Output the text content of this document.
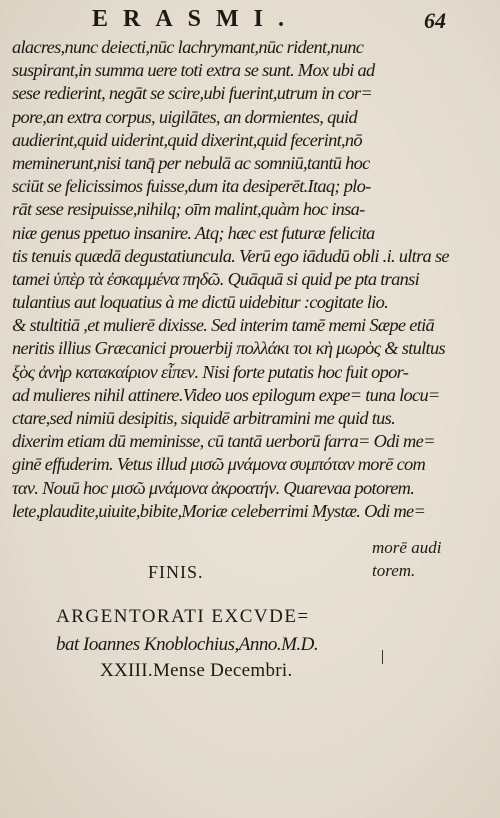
ERASMI.	64
alacres,nunc deiecti,nūc lachrymant,nūc rident,nunc
suspirant,in summa uere toti extra se sunt. Mox ubi ad
sese redierint, negāt se scire,ubi fuerint,utrum in cor=
pore,an extra corpus, uigilātes, an dormientes, quid
audierint,quid uiderint,quid dixerint,quid fecerint,nō
meminerunt,nisi tanq̄ per nebulā ac somniū,tantū hoc
sciūt se felicissimos fuisse,dum ita desiperēt.Itaq; plo-
rāt sese resipuisse,nihilq; oīm malint,quàm hoc insa-
niæ genus ppetuo insanire. Atq; hæc est futuræ felicita
tis tenuis quædā degustatiuncula. Verū ego iādudū obli .i. ultra se
tamei ὑπὲρ τὰ ἐσκαμμένα πηδῶ. Quāquā si quid pe pta transi
tulantius aut loquatius à me dictū uidebitur :cogitate lio.
& stultitiā ,et mulierē dixisse. Sed interim tamē memi Sæpe etiā
neritis illius Græcanici prouerbij πολλάκι τοι κὴ μωρὸς & stultus
ξὸς ἀνὴρ κατακαίριον εἶπεν. Nisi forte putatis hoc fuit opor-
ad mulieres nihil attinere.Video uos epilogum expe= tuna locu=
ctare,sed nimiū desipitis, siquidē arbitramini me quid tus.
dixerim etiam dū meminisse, cū tantā uerborū farra= Odi me=
ginē effuderim. Vetus illud μισῶ μνάμονα συμπόταν morē com
ταν. Nouū hoc μισῶ μνάμονα ἀκροατήν. Quarevaa potorem.
lete,plaudite,uiuite,bibite,Moriæ celeberrimi Mystæ. Odi me=
morē audi
torem.
FINIS.
ARGENTORATI EXCVDE=
bat Ioannes Knoblochius,Anno.M.D.
XXIII.Mense Decembri.
